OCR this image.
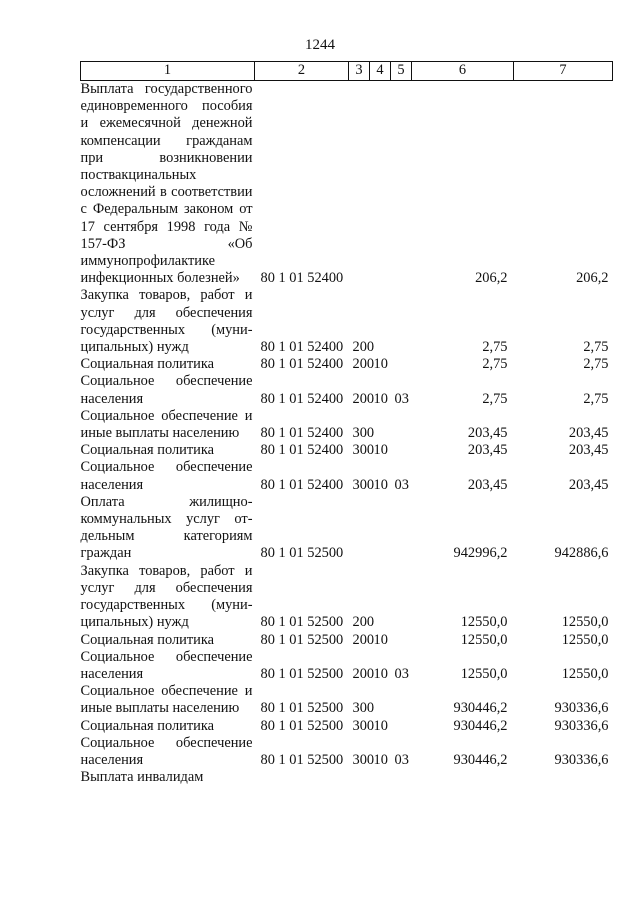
1244
1	2	3	4	5	6	7
Выплата государственного единовременного пособия и ежемесячной денежной компенсации гражданам при возникновении поствакцинальных осложнений в соответствии с Федеральным законом от 17 сентября 1998 года № 157-ФЗ «Об иммунопрофилактике инфекционных болезней»	80 1 01 52400				206,2	206,2
Закупка товаров, работ и услуг для обеспечения государственных (муниципальных) нужд	80 1 01 52400	200			2,75	2,75
Социальная политика	80 1 01 52400	200	10		2,75	2,75
Социальное обеспечение населения	80 1 01 52400	200	10	03	2,75	2,75
Социальное обеспечение и иные выплаты населению	80 1 01 52400	300			203,45	203,45
Социальная политика	80 1 01 52400	300	10		203,45	203,45
Социальное обеспечение населения	80 1 01 52400	300	10	03	203,45	203,45
Оплата жилищно-коммунальных услуг отдельным категориям граждан	80 1 01 52500				942996,2	942886,6
Закупка товаров, работ и услуг для обеспечения государственных (муниципальных) нужд	80 1 01 52500	200			12550,0	12550,0
Социальная политика	80 1 01 52500	200	10		12550,0	12550,0
Социальное обеспечение населения	80 1 01 52500	200	10	03	12550,0	12550,0
Социальное обеспечение и иные выплаты населению	80 1 01 52500	300			930446,2	930336,6
Социальная политика	80 1 01 52500	300	10		930446,2	930336,6
Социальное обеспечение населения	80 1 01 52500	300	10	03	930446,2	930336,6
Выплата инвалидам						
